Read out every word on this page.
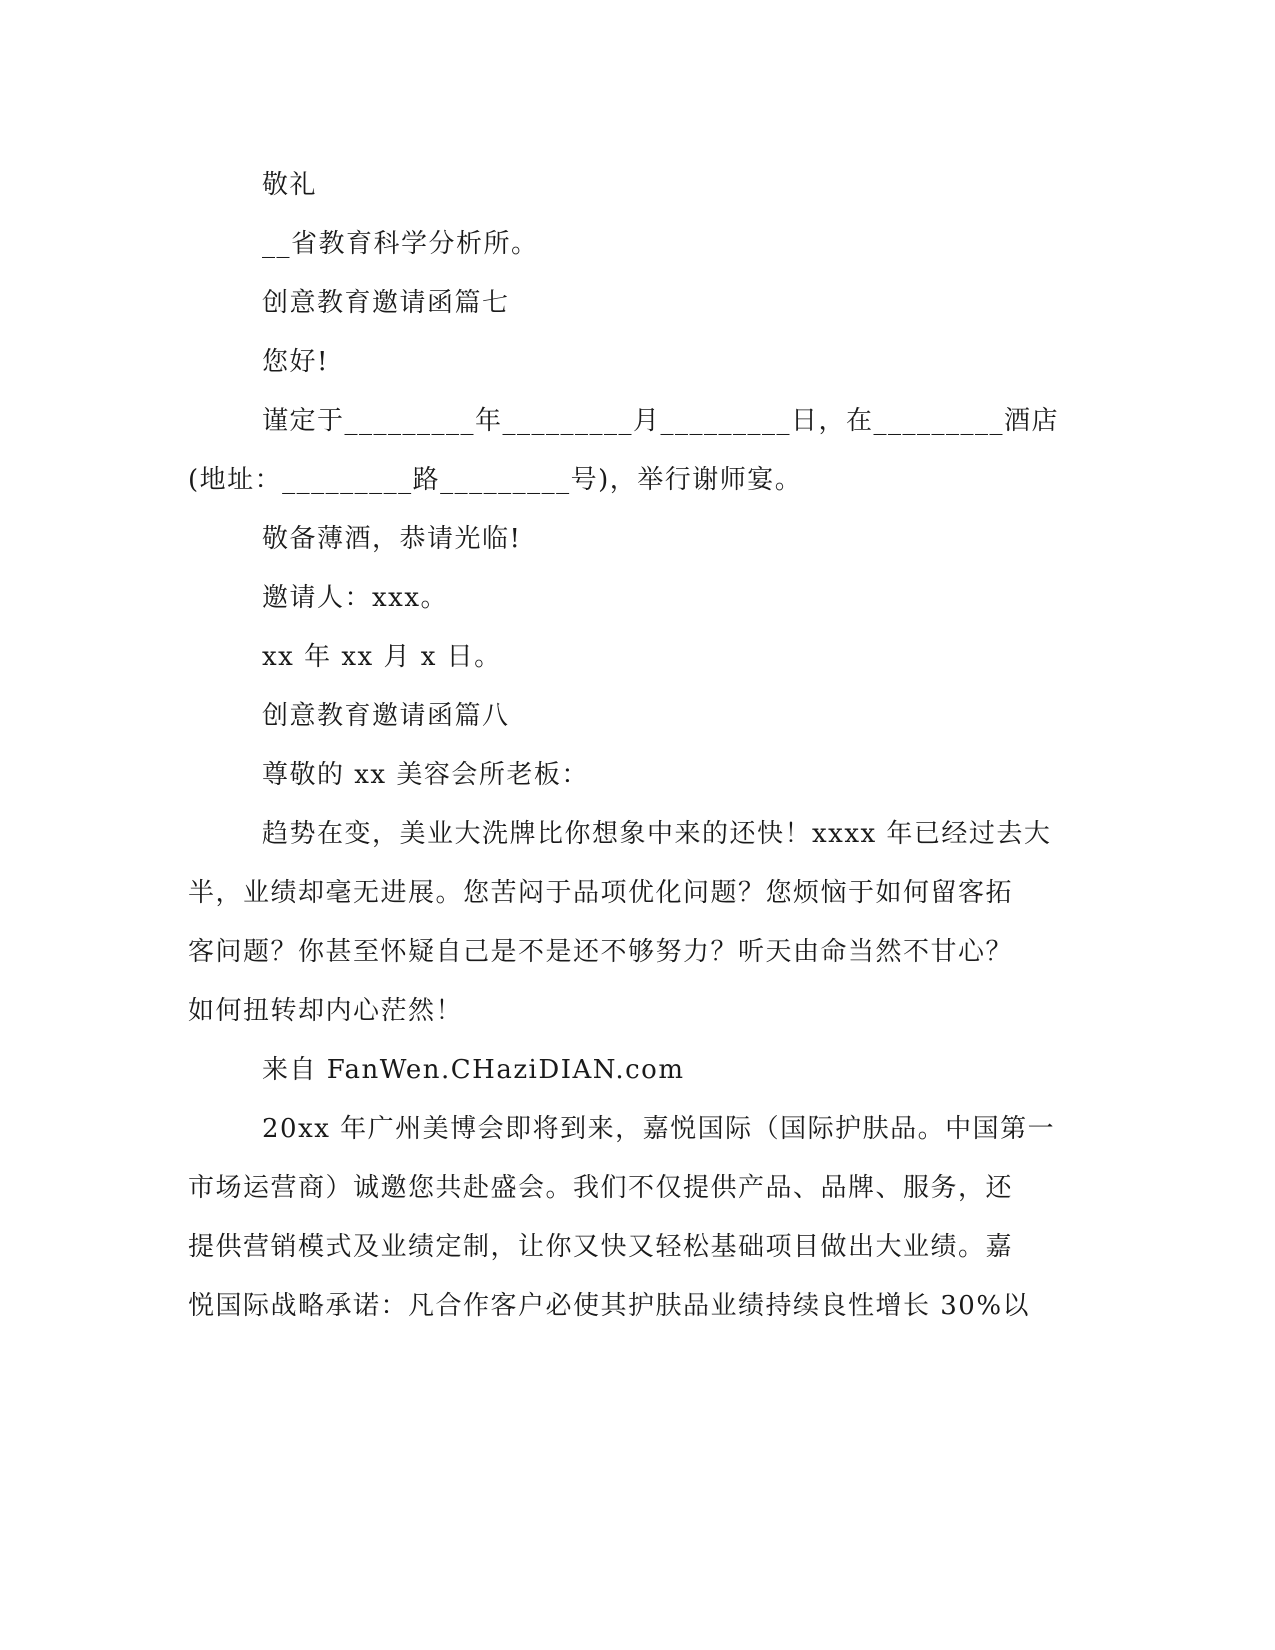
敬礼
__省教育科学分析所。
创意教育邀请函篇七
您好!
谨定于_________年_________月_________日，在_________酒店
(地址：_________路_________号)，举行谢师宴。
敬备薄酒，恭请光临!
邀请人：xxx。
xx 年 xx 月 x 日。
创意教育邀请函篇八
尊敬的 xx 美容会所老板：
趋势在变，美业大洗牌比你想象中来的还快！xxxx 年已经过去大
半，业绩却毫无进展。您苦闷于品项优化问题？您烦恼于如何留客拓
客问题？你甚至怀疑自己是不是还不够努力？听天由命当然不甘心？
如何扭转却内心茫然！
来自 FanWen.CHaziDIAN.com
20xx 年广州美博会即将到来，嘉悦国际（国际护肤品。中国第一
市场运营商）诚邀您共赴盛会。我们不仅提供产品、品牌、服务，还
提供营销模式及业绩定制，让你又快又轻松基础项目做出大业绩。嘉
悦国际战略承诺：凡合作客户必使其护肤品业绩持续良性增长 30%以
